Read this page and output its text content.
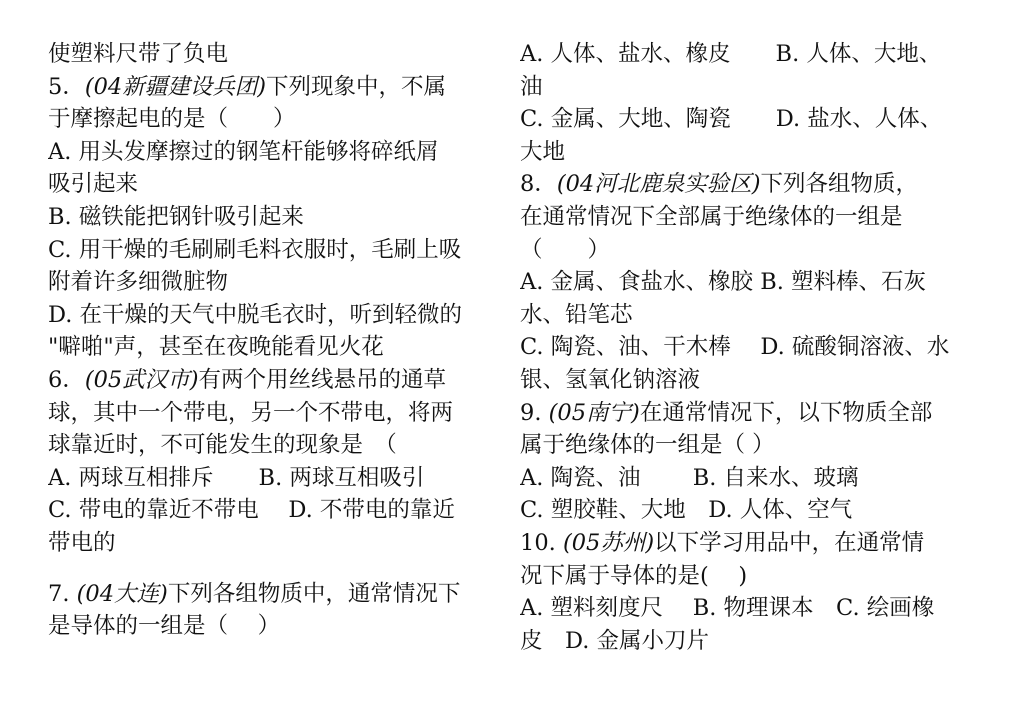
使塑料尺带了负电
5．(04新疆建设兵团)下列现象中，不属
于摩擦起电的是（　　）
A. 用头发摩擦过的钢笔杆能够将碎纸屑
吸引起来
B. 磁铁能把钢针吸引起来
C. 用干燥的毛刷刷毛料衣服时，毛刷上吸
附着许多细微脏物
D. 在干燥的天气中脱毛衣时，听到轻微的
"噼啪"声，甚至在夜晚能看见火花
6．(05武汉市)有两个用丝线悬吊的通草
球，其中一个带电，另一个不带电，将两
球靠近时，不可能发生的现象是　（
A. 两球互相排斥　　B. 两球互相吸引
C. 带电的靠近不带电　 D. 不带电的靠近
带电的
7. (04大连)下列各组物质中，通常情况下
是导体的一组是（　 ）
A. 人体、盐水、橡皮　　B. 人体、大地、
油
C. 金属、大地、陶瓷　　D. 盐水、人体、
大地
8．(04河北鹿泉实验区)下列各组物质，
在通常情况下全部属于绝缘体的一组是
（　　）
A. 金属、食盐水、橡胶 B. 塑料棒、石灰
水、铅笔芯
C. 陶瓷、油、干木棒　 D. 硫酸铜溶液、水
银、氢氧化钠溶液
9. (05南宁)在通常情况下，以下物质全部
属于绝缘体的一组是（ ）
A. 陶瓷、油　　 B. 自来水、玻璃
C. 塑胶鞋、大地　D. 人体、空气
10. (05苏州)以下学习用品中，在通常情
况下属于导体的是(　 )
A. 塑料刻度尺　 B. 物理课本　C. 绘画橡
皮　D. 金属小刀片
